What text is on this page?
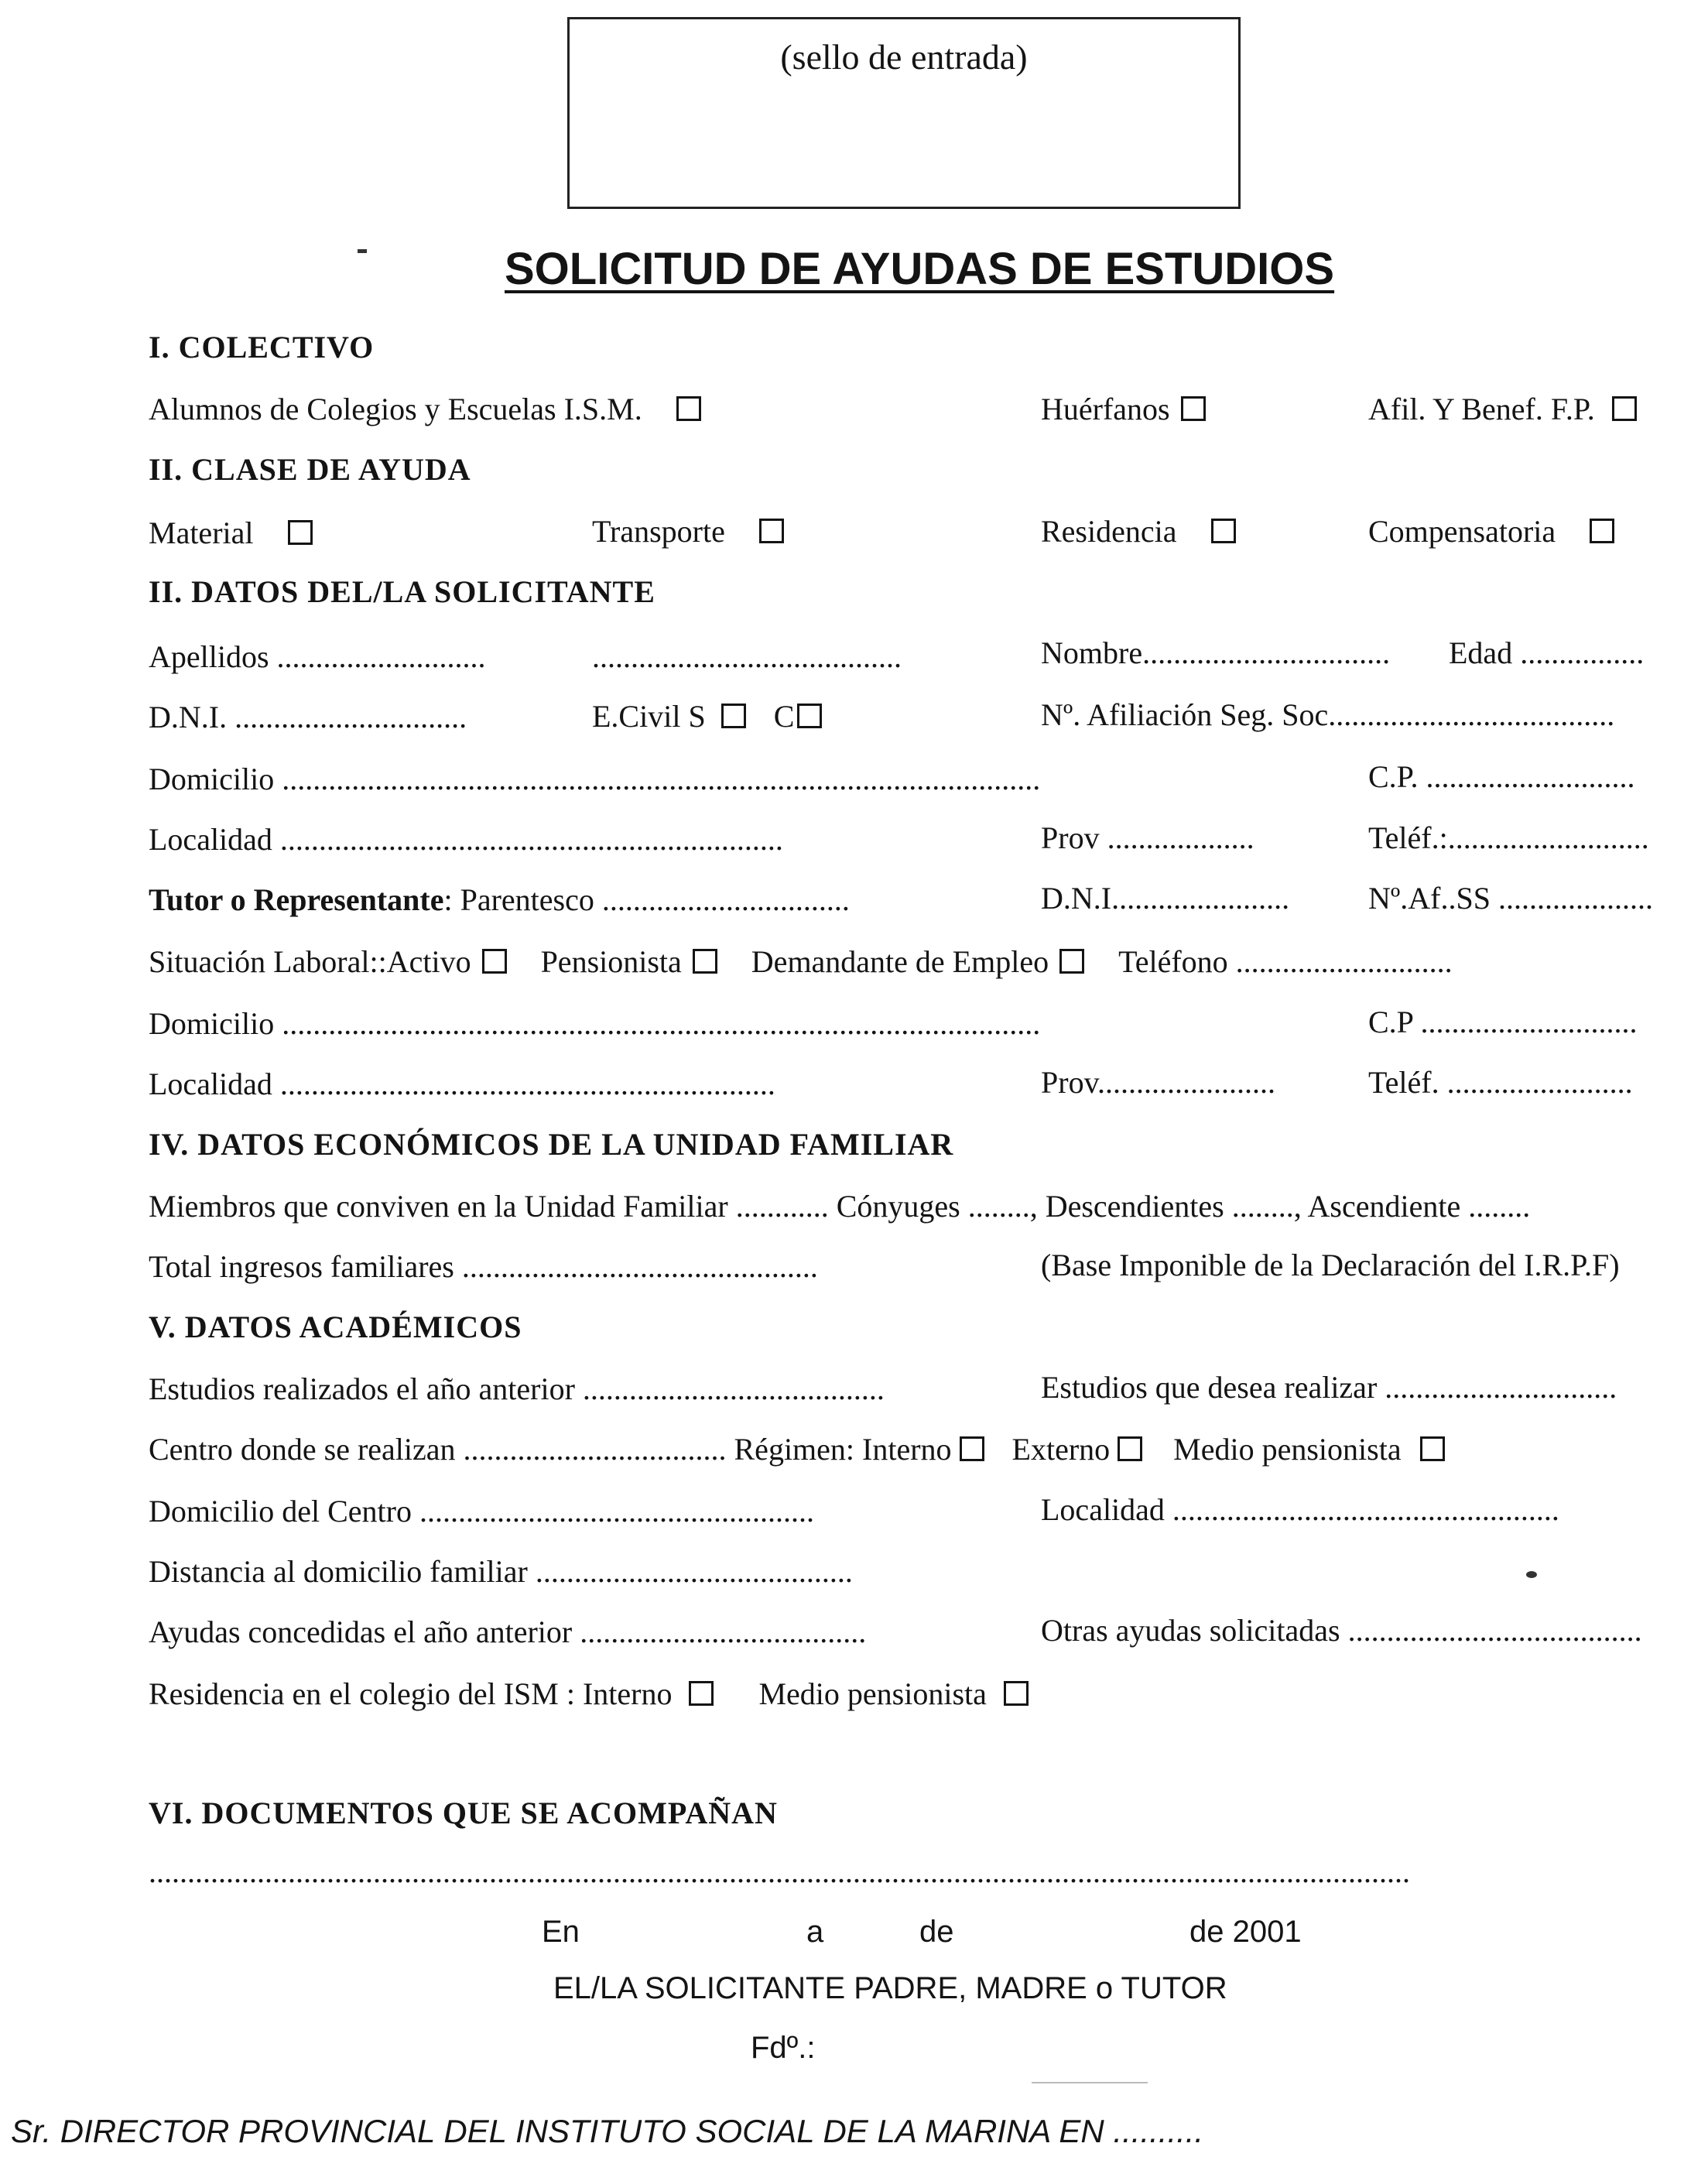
(sello de entrada)
SOLICITUD DE AYUDAS DE ESTUDIOS
I. COLECTIVO
Alumnos de Colegios y Escuelas I.S.M.	Huérfanos	Afil. Y Benef. F.P.
II. CLASE DE AYUDA
Material	Transporte	Residencia	Compensatoria
II. DATOS DEL/LA SOLICITANTE
Apellidos ...........................	........................................	Nombre................................ Edad ................
D.N.I. ..............................	E.Civil S C	Nº. Afiliación Seg. Soc.....................................
Domicilio ..................................................................................................	C.P. ...........................
Localidad .................................................................	Prov ...................	Teléf.:..........................
Tutor o Representante: Parentesco ................................	D.N.I.......................	Nº.Af..SS ....................
Situación Laboral::Activo Pensionista Demandante de Empleo Teléfono ............................
Domicilio ..................................................................................................	C.P ............................
Localidad ................................................................	Prov.......................	Teléf. ........................
IV. DATOS ECONÓMICOS DE LA UNIDAD FAMILIAR
Miembros que conviven en la Unidad Familiar ............ Cónyuges ........, Descendientes ........, Ascendiente ........
Total ingresos familiares ..............................................	(Base Imponible de la Declaración del I.R.P.F)
V. DATOS ACADÉMICOS
Estudios realizados el año anterior .......................................	Estudios que desea realizar ..............................
Centro donde se realizan .................................. Régimen: Interno Externo Medio pensionista
Domicilio del Centro ...................................................	Localidad ..................................................
Distancia al domicilio familiar .........................................
Ayudas concedidas el año anterior .....................................	Otras ayudas solicitadas ......................................
Residencia en el colegio del ISM : Interno	Medio pensionista
VI. DOCUMENTOS QUE SE ACOMPAÑAN
...................................................................................................................................................................
En	a	de	de 2001
EL/LA SOLICITANTE PADRE, MADRE o TUTOR
Fdº.:
Sr. DIRECTOR PROVINCIAL DEL INSTITUTO SOCIAL DE LA MARINA EN ..........
